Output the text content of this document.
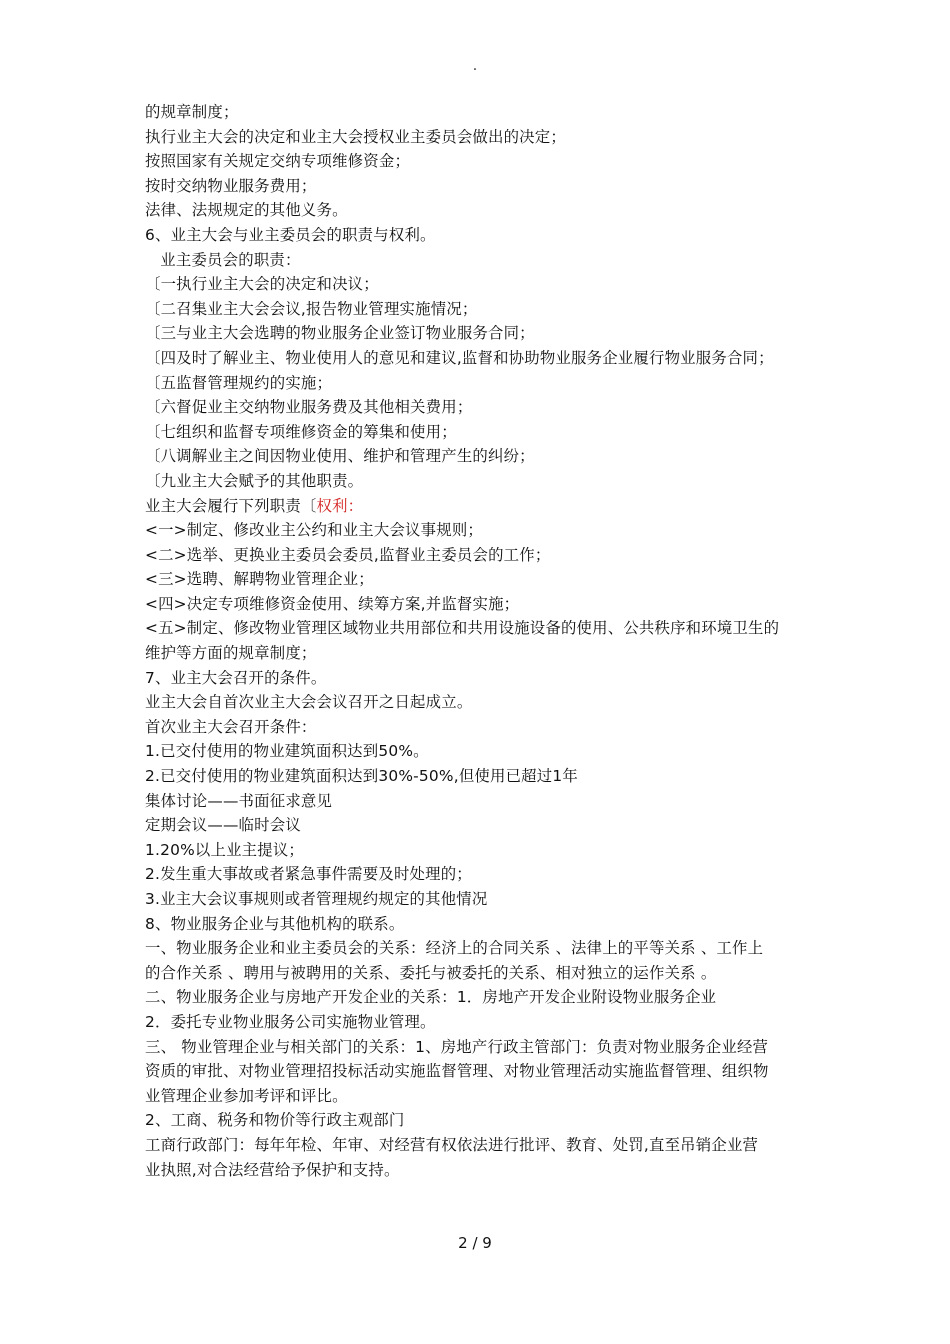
.
的规章制度；
执行业主大会的决定和业主大会授权业主委员会做出的决定；
按照国家有关规定交纳专项维修资金；
按时交纳物业服务费用；
法律、法规规定的其他义务。
6、业主大会与业主委员会的职责与权利。
业主委员会的职责：
〔一执行业主大会的决定和决议；
〔二召集业主大会会议,报告物业管理实施情况；
〔三与业主大会选聘的物业服务企业签订物业服务合同；
〔四及时了解业主、物业使用人的意见和建议,监督和协助物业服务企业履行物业服务合同；
〔五监督管理规约的实施；
〔六督促业主交纳物业服务费及其他相关费用；
〔七组织和监督专项维修资金的筹集和使用；
〔八调解业主之间因物业使用、维护和管理产生的纠纷；
〔九业主大会赋予的其他职责。
业主大会履行下列职责〔权利：
<一>制定、修改业主公约和业主大会议事规则；
<二>选举、更换业主委员会委员,监督业主委员会的工作；
<三>选聘、解聘物业管理企业；
<四>决定专项维修资金使用、续筹方案,并监督实施；
<五>制定、修改物业管理区域物业共用部位和共用设施设备的使用、公共秩序和环境卫生的
维护等方面的规章制度；
7、业主大会召开的条件。
业主大会自首次业主大会会议召开之日起成立。
首次业主大会召开条件：
1.已交付使用的物业建筑面积达到50%。
2.已交付使用的物业建筑面积达到30%-50%,但使用已超过1年
集体讨论——书面征求意见
定期会议——临时会议
1.20%以上业主提议；
2.发生重大事故或者紧急事件需要及时处理的；
3.业主大会议事规则或者管理规约规定的其他情况
8、物业服务企业与其他机构的联系。
一、物业服务企业和业主委员会的关系：经济上的合同关系 、法律上的平等关系 、工作上
的合作关系 、聘用与被聘用的关系、委托与被委托的关系、相对独立的运作关系 。
二、物业服务企业与房地产开发企业的关系：1．房地产开发企业附设物业服务企业
2．委托专业物业服务公司实施物业管理。
三、 物业管理企业与相关部门的关系：1、房地产行政主管部门：负责对物业服务企业经营
资质的审批、对物业管理招投标活动实施监督管理、对物业管理活动实施监督管理、组织物
业管理企业参加考评和评比。
2、工商、税务和物价等行政主观部门
工商行政部门：每年年检、年审、对经营有权依法进行批评、教育、处罚,直至吊销企业营
业执照,对合法经营给予保护和支持。
2 / 9
